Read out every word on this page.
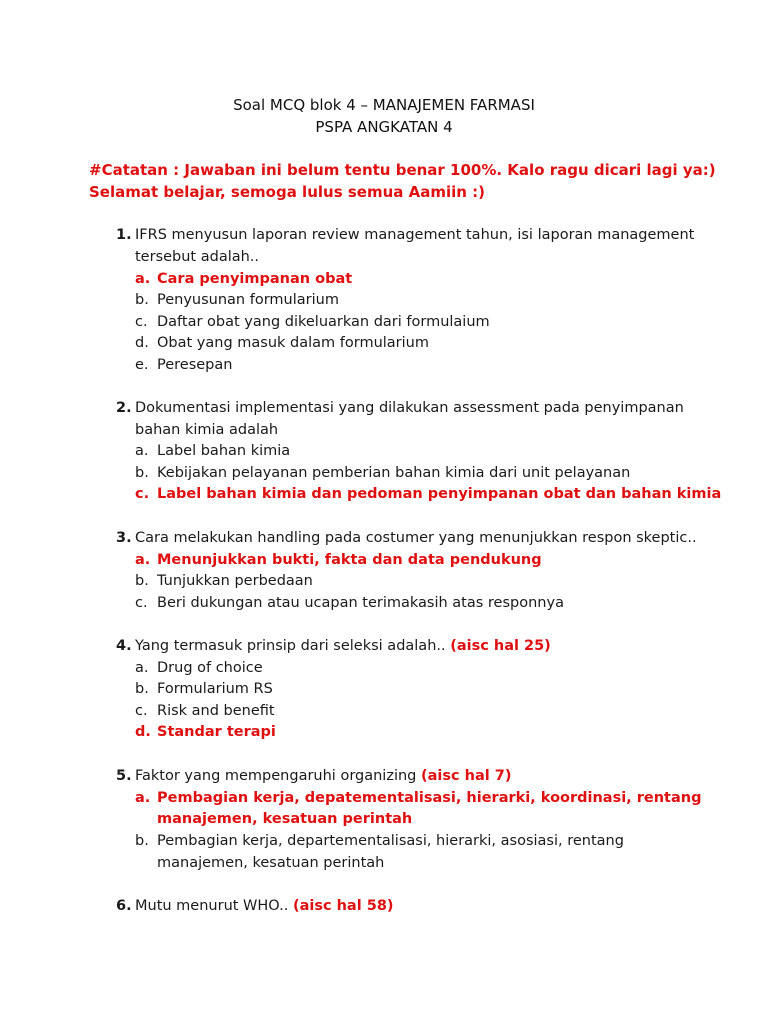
Soal MCQ blok 4 – MANAJEMEN FARMASI
PSPA ANGKATAN 4
#Catatan : Jawaban ini belum tentu benar 100%. Kalo ragu dicari lagi ya:)
Selamat belajar, semoga lulus semua Aamiin :)
1. IFRS menyusun laporan review management tahun, isi laporan management
tersebut adalah..
a. Cara penyimpanan obat
b. Penyusunan formularium
c. Daftar obat yang dikeluarkan dari formulaium
d. Obat yang masuk dalam formularium
e. Peresepan
2. Dokumentasi implementasi yang dilakukan assessment pada penyimpanan
bahan kimia adalah
a. Label bahan kimia
b. Kebijakan pelayanan pemberian bahan kimia dari unit pelayanan
c. Label bahan kimia dan pedoman penyimpanan obat dan bahan kimia
3. Cara melakukan handling pada costumer yang menunjukkan respon skeptic..
a. Menunjukkan bukti, fakta dan data pendukung
b. Tunjukkan perbedaan
c. Beri dukungan atau ucapan terimakasih atas responnya
4. Yang termasuk prinsip dari seleksi adalah.. (aisc hal 25)
a. Drug of choice
b. Formularium RS
c. Risk and benefit
d. Standar terapi
5. Faktor yang mempengaruhi organizing (aisc hal 7)
a. Pembagian kerja, depatementalisasi, hierarki, koordinasi, rentang
manajemen, kesatuan perintah
b. Pembagian kerja, departementalisasi, hierarki, asosiasi, rentang
manajemen, kesatuan perintah
6. Mutu menurut WHO.. (aisc hal 58)
